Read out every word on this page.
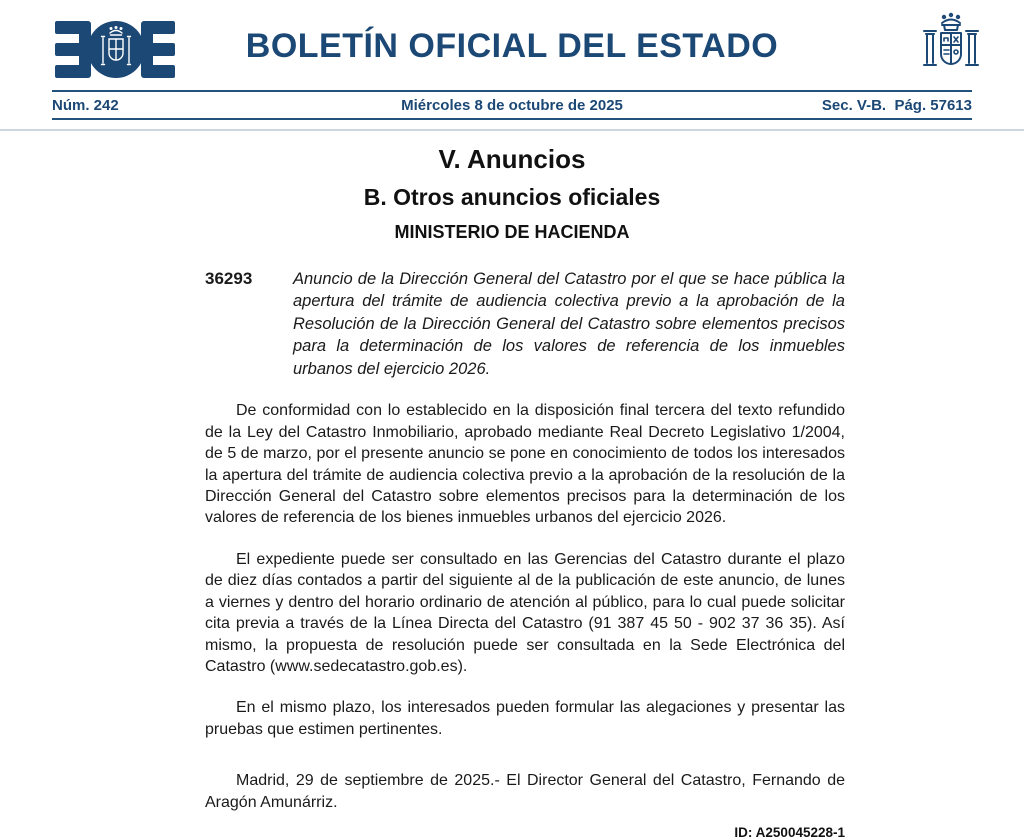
BOLETÍN OFICIAL DEL ESTADO
Núm. 242	Miércoles 8 de octubre de 2025	Sec. V-B.  Pág. 57613
V. Anuncios
B. Otros anuncios oficiales
MINISTERIO DE HACIENDA
36293	Anuncio de la Dirección General del Catastro por el que se hace pública la apertura del trámite de audiencia colectiva previo a la aprobación de la Resolución de la Dirección General del Catastro sobre elementos precisos para la determinación de los valores de referencia de los inmuebles urbanos del ejercicio 2026.

De conformidad con lo establecido en la disposición final tercera del texto refundido de la Ley del Catastro Inmobiliario, aprobado mediante Real Decreto Legislativo 1/2004, de 5 de marzo, por el presente anuncio se pone en conocimiento de todos los interesados la apertura del trámite de audiencia colectiva previo a la aprobación de la resolución de la Dirección General del Catastro sobre elementos precisos para la determinación de los valores de referencia de los bienes inmuebles urbanos del ejercicio 2026.

El expediente puede ser consultado en las Gerencias del Catastro durante el plazo de diez días contados a partir del siguiente al de la publicación de este anuncio, de lunes a viernes y dentro del horario ordinario de atención al público, para lo cual puede solicitar cita previa a través de la Línea Directa del Catastro (91 387 45 50 - 902 37 36 35). Así mismo, la propuesta de resolución puede ser consultada en la Sede Electrónica del Catastro (www.sedecatastro.gob.es).

En el mismo plazo, los interesados pueden formular las alegaciones y presentar las pruebas que estimen pertinentes.

Madrid, 29 de septiembre de 2025.- El Director General del Catastro, Fernando de Aragón Amunárriz.

ID: A250045228-1
